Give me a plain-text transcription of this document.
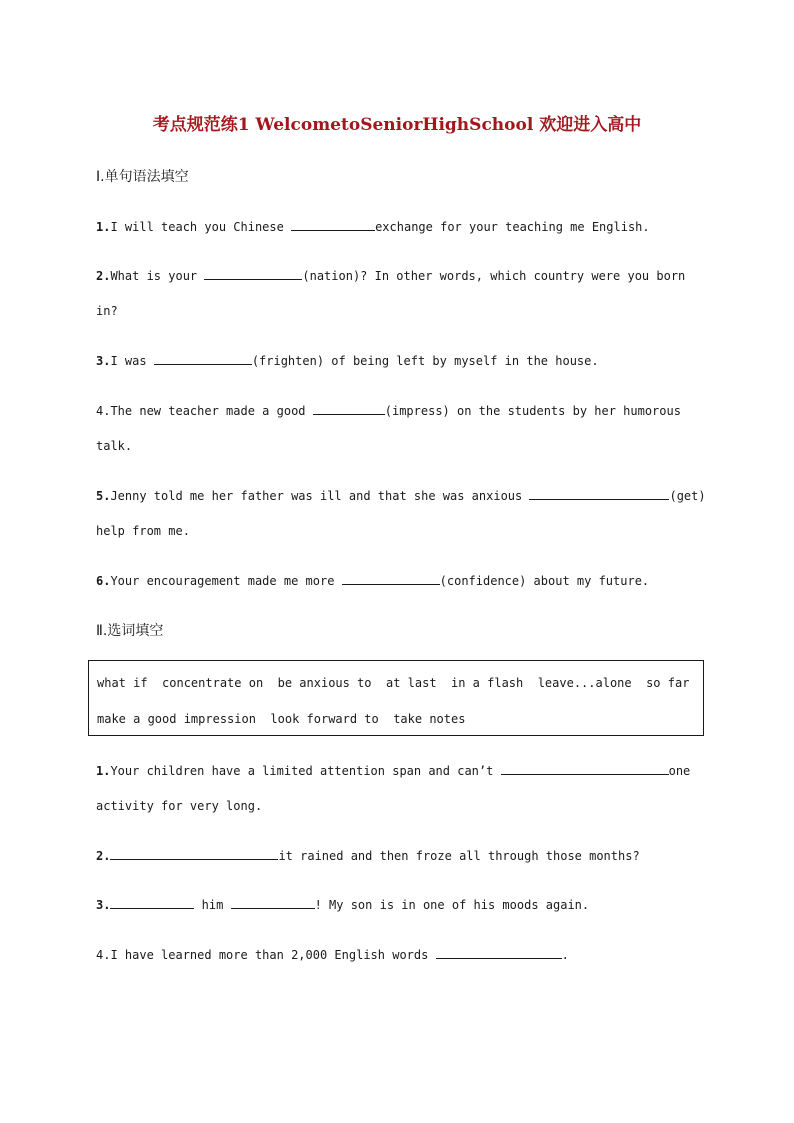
考点规范练1 WelcometoSeniorHighSchool 欢迎进入高中
Ⅰ.单句语法填空
1.I will teach you Chinese	exchange for your teaching me English.
2.What is your	(nation)? In other words, which country were you born
in?
3.I was	(frighten) of being left by myself in the house.
4.The new teacher made a good	(impress) on the students by her humorous
talk.
5.Jenny told me her father was ill and that she was anxious	(get)
help from me.
6.Your encouragement made me more	(confidence) about my future.
Ⅱ.选词填空
what if  concentrate on  be anxious to  at last  in a flash  leave...alone  so far
make a good impression  look forward to  take notes
1.Your children have a limited attention span and can’t	one
activity for very long.
2.	it rained and then froze all through those months?
3.	him	! My son is in one of his moods again.
4.I have learned more than 2,000 English words	.
